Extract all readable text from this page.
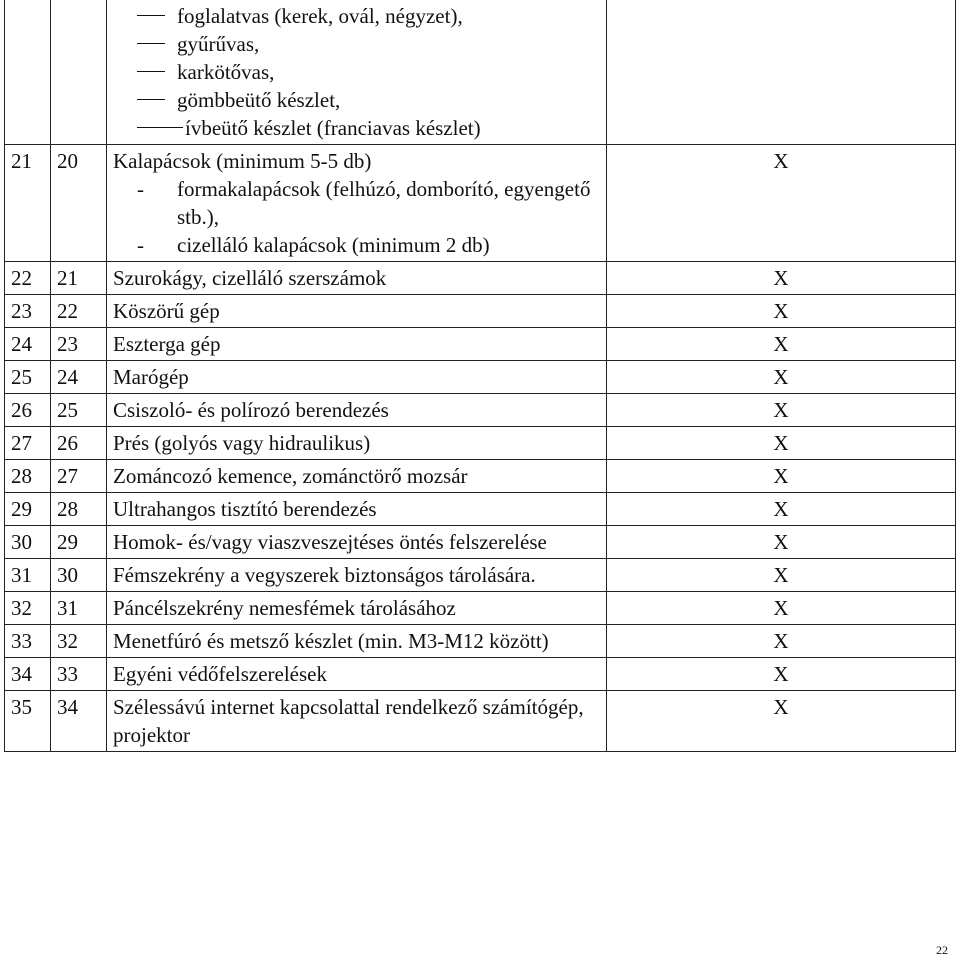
foglalatvas (kerek, ovál, négyzet),
gyűrűvas,
karkötővas,
gömbbeütő készlet,
ívbeütő készlet (franciavas készlet)	

21	20	Kalapácsok (minimum 5-5 db)
- formakalapácsok (felhúzó, domborító, egyengető stb.),
- cizelláló kalapácsok (minimum 2 db)	X
22	21	Szurokágy, cizelláló szerszámok	X
23	22	Köszörű gép	X
24	23	Eszterga gép	X
25	24	Marógép	X
26	25	Csiszoló- és polírozó berendezés	X
27	26	Prés (golyós vagy hidraulikus)	X
28	27	Zománcozó kemence, zománctörő mozsár	X
29	28	Ultrahangos tisztító berendezés	X
30	29	Homok- és/vagy viaszveszejtéses öntés felszerelése	X
31	30	Fémszekrény a vegyszerek biztonságos tárolására.	X
32	31	Páncélszekrény nemesfémek tárolásához	X
33	32	Menetfúró és metsző készlet (min. M3-M12 között)	X
34	33	Egyéni védőfelszerelések	X
35	34	Szélessávú internet kapcsolattal rendelkező számítógép, projektor	X
22
